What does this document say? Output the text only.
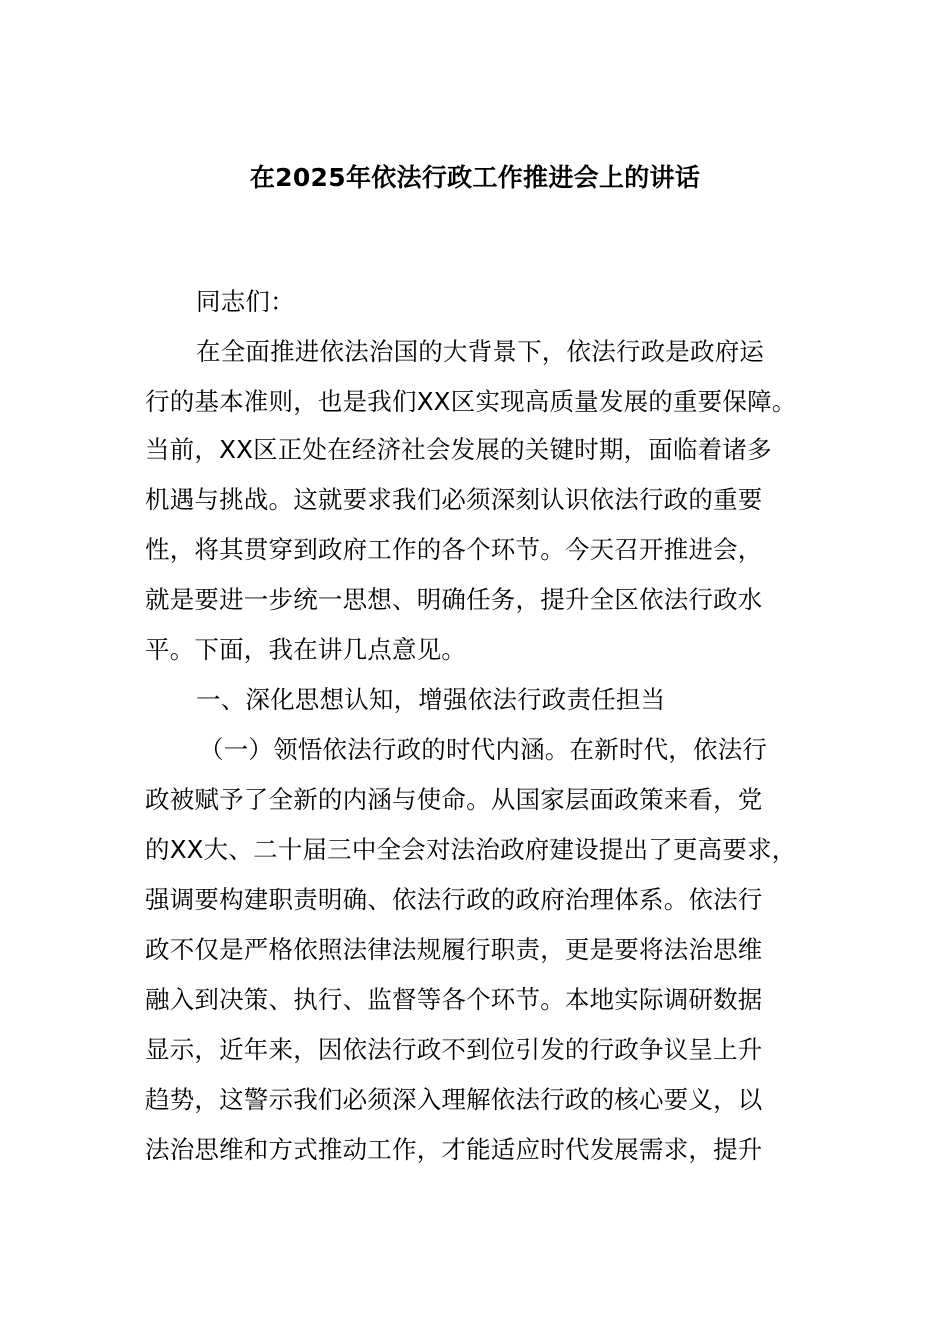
在2025年依法行政工作推进会上的讲话
同志们：
在全面推进依法治国的大背景下，依法行政是政府运
行的基本准则，也是我们XX区实现高质量发展的重要保障。
当前，XX区正处在经济社会发展的关键时期，面临着诸多
机遇与挑战。这就要求我们必须深刻认识依法行政的重要
性，将其贯穿到政府工作的各个环节。今天召开推进会，
就是要进一步统一思想、明确任务，提升全区依法行政水
平。下面，我在讲几点意见。
一、深化思想认知，增强依法行政责任担当
（一）领悟依法行政的时代内涵。在新时代，依法行
政被赋予了全新的内涵与使命。从国家层面政策来看，党
的XX大、二十届三中全会对法治政府建设提出了更高要求，
强调要构建职责明确、依法行政的政府治理体系。依法行
政不仅是严格依照法律法规履行职责，更是要将法治思维
融入到决策、执行、监督等各个环节。本地实际调研数据
显示，近年来，因依法行政不到位引发的行政争议呈上升
趋势，这警示我们必须深入理解依法行政的核心要义，以
法治思维和方式推动工作，才能适应时代发展需求，提升
